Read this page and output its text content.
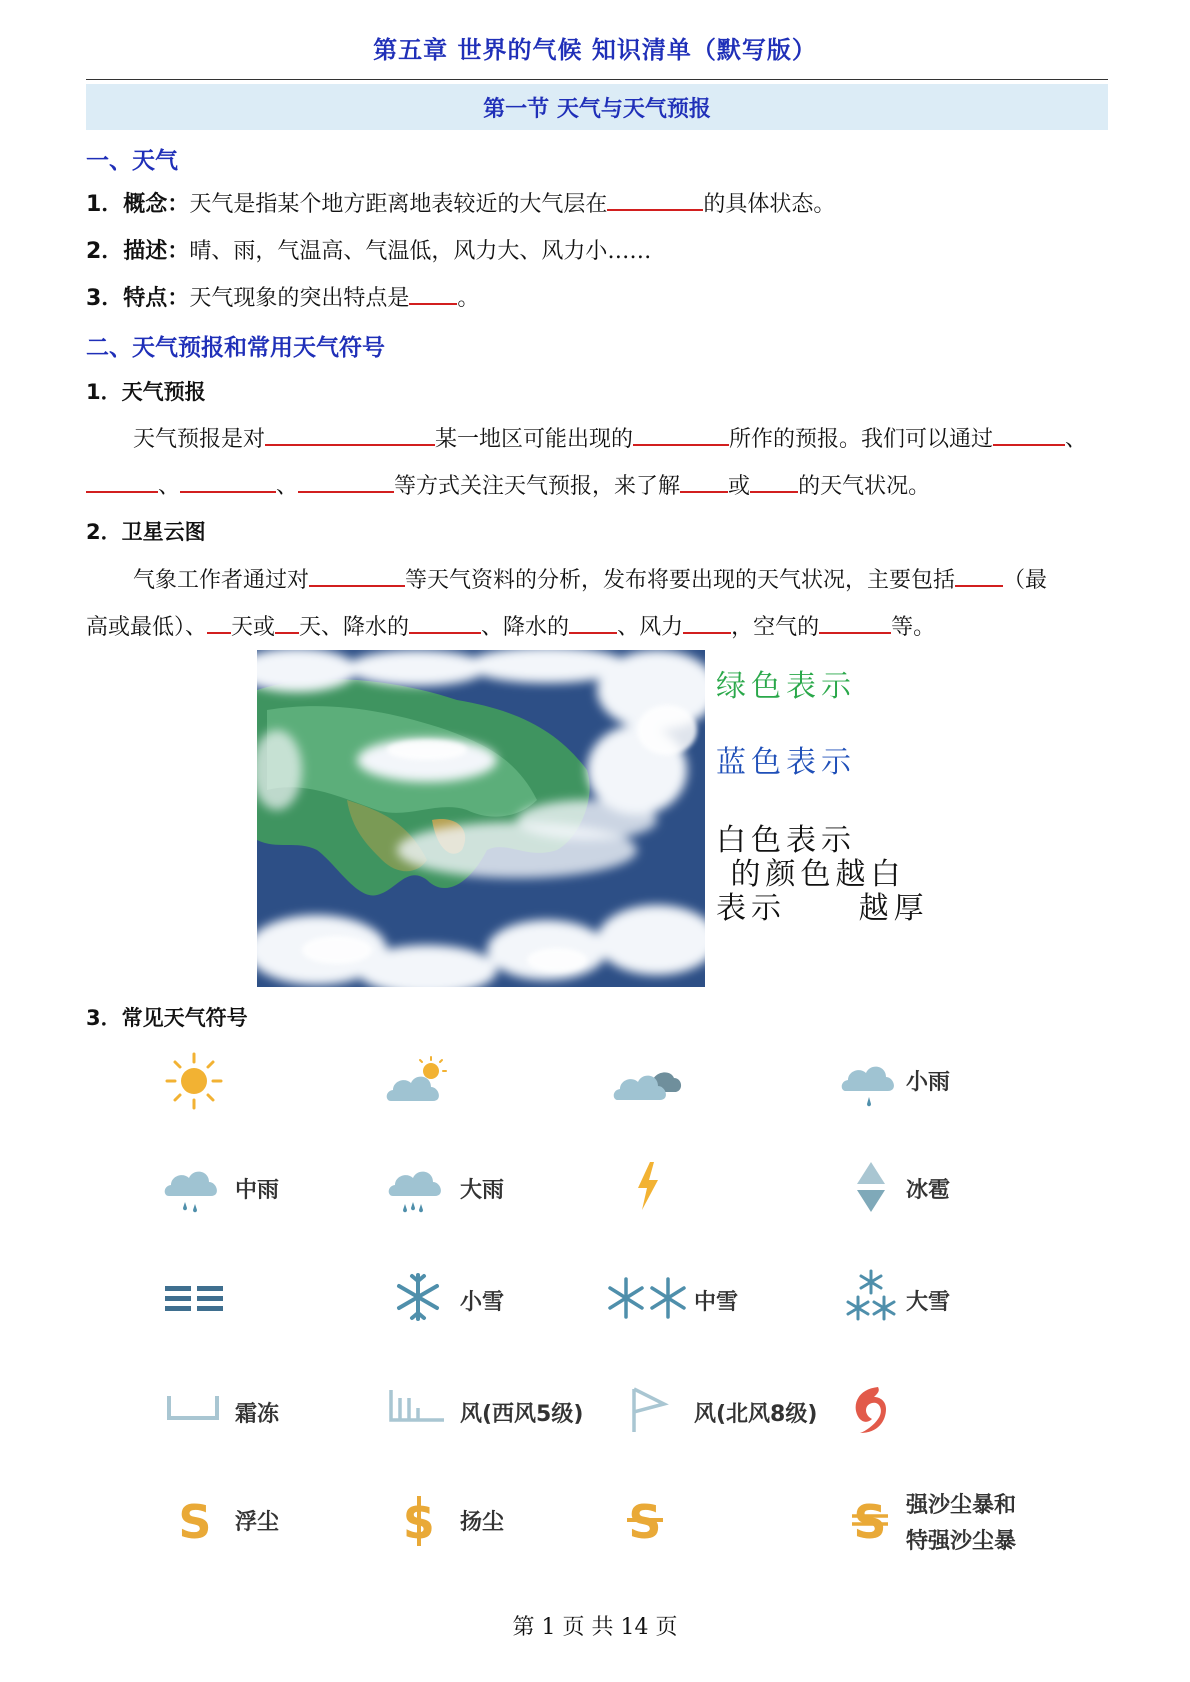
第五章 世界的气候 知识清单（默写版）
第一节 天气与天气预报
一、天气
1．概念：天气是指某个地方距离地表较近的大气层在	的具体状态。
2．描述：晴、雨，气温高、气温低，风力大、风力小……
3．特点：天气现象的突出特点是 。
二、天气预报和常用天气符号
1．天气预报
天气预报是对	某一地区可能出现的	所作的预报。我们可以通过	、
、	、	等方式关注天气预报，来了解 或 的天气状况。
2．卫星云图
气象工作者通过对	等天气资料的分析，发布将要出现的天气状况，主要包括 （最
高或最低）、 天或 天、降水的	、降水的 、风力 ，空气的	等。
绿色表示
蓝色表示
白色表示
的颜色越白
表示     越厚
3．常见天气符号
小雨
中雨	大雨	冰雹
小雪	中雪	大雪
霜冻	风(西风5级)	风(北风8级)
S 浮尘	S 扬尘	S	S 强沙尘暴和
特强沙尘暴
第 1 页 共 14 页
